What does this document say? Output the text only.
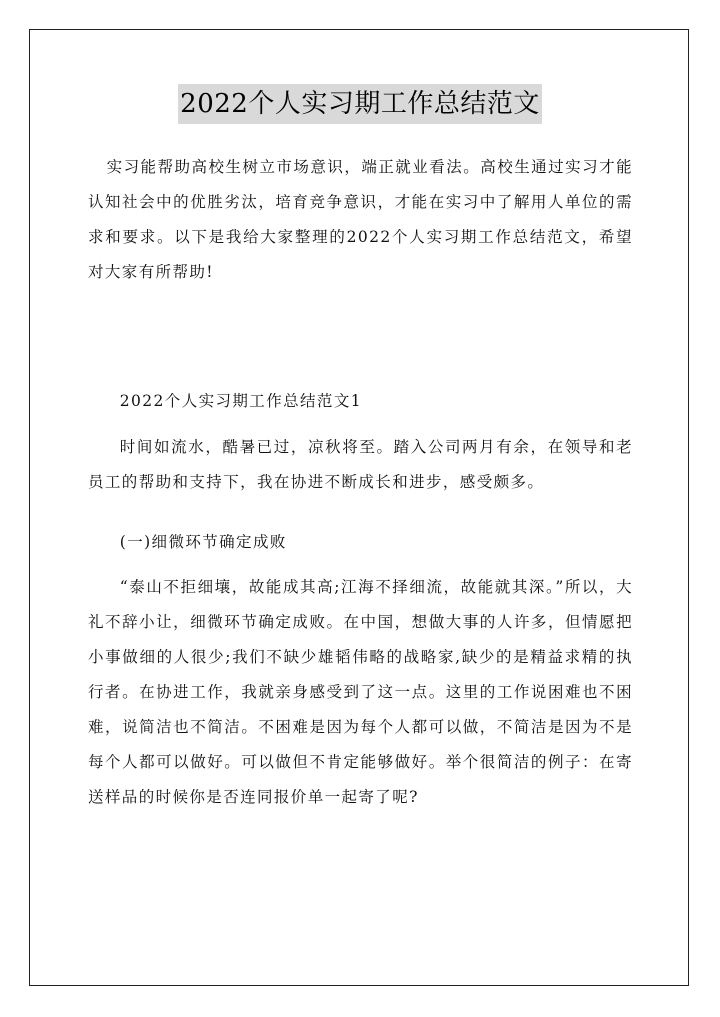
2022个人实习期工作总结范文

实习能帮助高校生树立市场意识，端正就业看法。高校生通过实习才能认知社会中的优胜劣汰，培育竞争意识，才能在实习中了解用人单位的需求和要求。以下是我给大家整理的2022个人实习期工作总结范文，希望对大家有所帮助!

2022个人实习期工作总结范文1

时间如流水，酷暑已过，凉秋将至。踏入公司两月有余，在领导和老员工的帮助和支持下，我在协进不断成长和进步，感受颇多。

(一)细微环节确定成败

“泰山不拒细壤，故能成其高;江海不择细流，故能就其深。”所以，大礼不辞小让，细微环节确定成败。在中国，想做大事的人许多，但情愿把小事做细的人很少;我们不缺少雄韬伟略的战略家,缺少的是精益求精的执行者。在协进工作，我就亲身感受到了这一点。这里的工作说困难也不困难，说简洁也不简洁。不困难是因为每个人都可以做，不简洁是因为不是每个人都可以做好。可以做但不肯定能够做好。举个很简洁的例子：在寄送样品的时候你是否连同报价单一起寄了呢?
